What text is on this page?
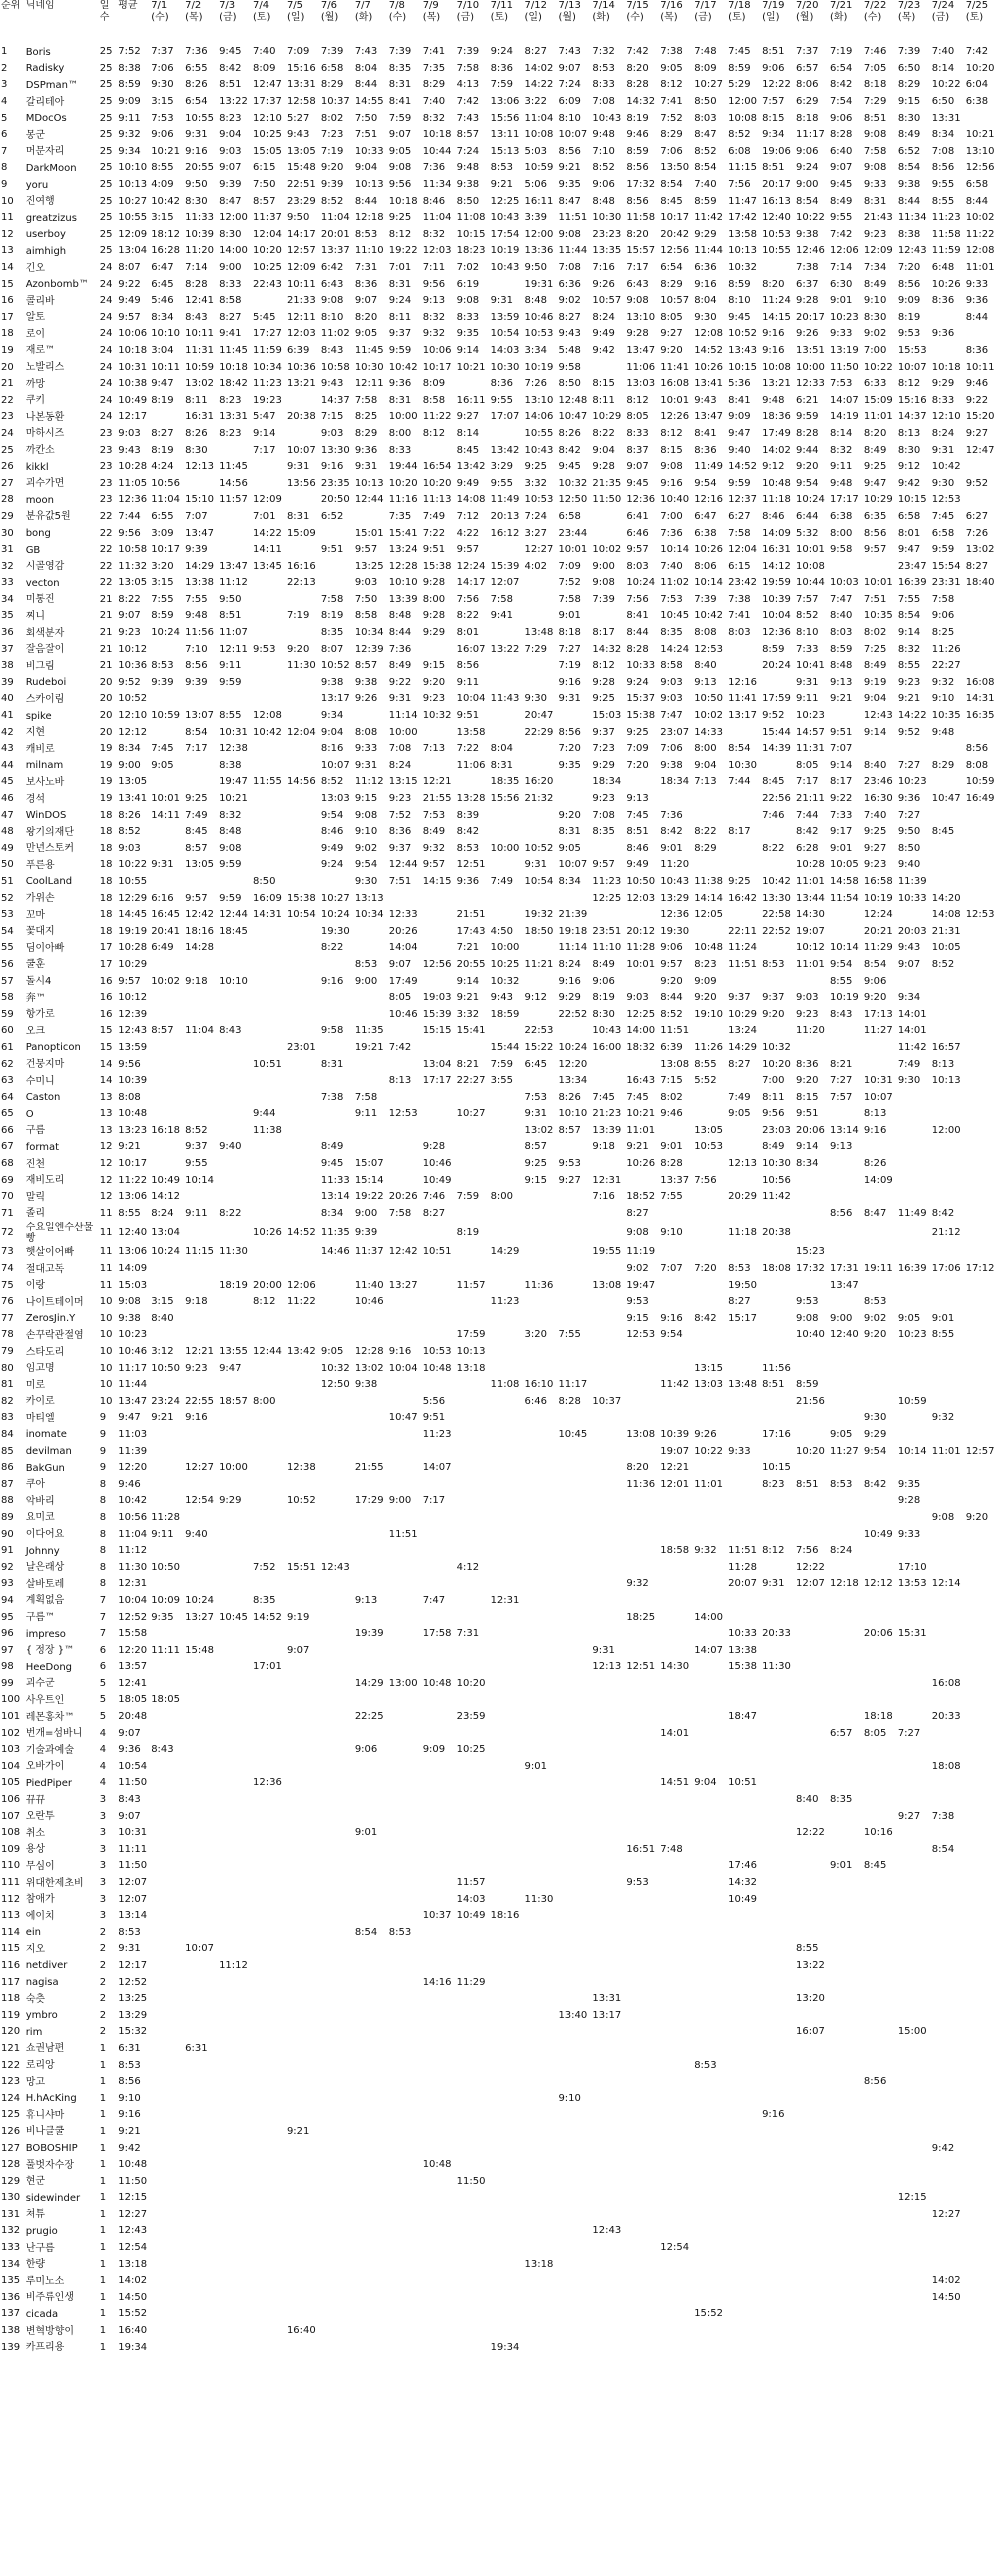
순위	닉네임	일수	평균	7/1 (수)	7/2 (목)	7/3 (금)	7/4 (토)	7/5 (일)	7/6 (월)	7/7 (화)	7/8 (수)	7/9 (목)	7/10 (금)	7/11 (토)	7/12 (일)	7/13 (월)	7/14 (화)	7/15 (수)	7/16 (목)	7/17 (금)	7/18 (토)	7/19 (일)	7/20 (월)	7/21 (화)	7/22 (수)	7/23 (목)	7/24 (금)	7/25 (토)
1	Boris	25	7:52	7:37	7:36	9:45	7:40	7:09	7:39	7:43	7:39	7:41	7:39	9:24	8:27	7:43	7:32	7:42	7:38	7:48	7:45	8:51	7:37	7:19	7:46	7:39	7:40	7:42
2	Radisky	25	8:38	7:06	6:55	8:42	8:09	15:16	6:58	8:04	8:35	7:35	7:58	8:36	14:02	9:07	8:53	8:20	9:05	8:09	8:59	9:06	6:57	6:54	7:05	6:50	8:14	10:20
3	DSPman™	25	8:59	9:30	8:26	8:51	12:47	13:31	8:29	8:44	8:31	8:29	4:13	7:59	14:22	7:24	8:33	8:28	8:12	10:27	5:29	12:22	8:06	8:42	8:18	8:29	10:22	6:04
4	갈리테아	25	9:09	3:15	6:54	13:22	17:37	12:58	10:37	14:55	8:41	7:40	7:42	13:06	3:22	6:09	7:08	14:32	7:41	8:50	12:00	7:57	6:29	7:54	7:29	9:15	6:50	6:38
5	MDocOs	25	9:11	7:53	10:55	8:23	12:10	5:27	8:02	7:50	7:59	8:32	7:43	15:56	11:04	8:10	10:43	8:19	7:52	8:03	10:08	8:15	8:18	9:06	8:51	8:30	13:31	
6	몽군	25	9:32	9:06	9:31	9:04	10:25	9:43	7:23	7:51	9:07	10:18	8:57	13:11	10:08	10:07	9:48	9:46	8:29	8:47	8:52	9:34	11:17	8:28	9:08	8:49	8:34	10:21
7	머문자리	25	9:34	10:21	9:16	9:03	15:05	13:05	7:19	10:33	9:05	10:44	7:24	15:13	5:03	8:56	7:10	8:59	7:06	8:52	6:08	19:06	9:06	6:40	7:58	6:52	7:08	13:10
8	DarkMoon	25	10:10	8:55	20:55	9:07	6:15	15:48	9:20	9:04	9:08	7:36	9:48	8:53	10:59	9:21	8:52	8:56	13:50	8:54	11:15	8:51	9:24	9:07	9:08	8:54	8:56	12:56
9	yoru	25	10:13	4:09	9:50	9:39	7:50	22:51	9:39	10:13	9:56	11:34	9:38	9:21	5:06	9:35	9:06	17:32	8:54	7:40	7:56	20:17	9:00	9:45	9:33	9:38	9:55	6:58
10	진여행	25	10:27	10:42	8:30	8:47	8:57	23:29	8:52	8:44	10:18	8:46	8:50	12:25	16:11	8:47	8:48	8:56	8:45	8:59	11:47	16:13	8:54	8:49	8:31	8:44	8:55	8:44
11	greatzizus	25	10:55	3:15	11:33	12:00	11:37	9:50	11:04	12:18	9:25	11:04	11:08	10:43	3:39	11:51	10:30	11:58	10:17	11:42	17:42	12:40	10:22	9:55	21:43	11:34	11:23	10:02
12	userboy	25	12:09	18:12	10:39	8:30	12:04	14:17	20:01	8:53	8:12	8:32	10:15	17:54	12:00	9:08	23:23	8:20	20:42	9:29	13:58	10:53	9:38	7:42	9:23	8:38	11:58	11:22
13	aimhigh	25	13:04	16:28	11:20	14:00	10:20	12:57	13:37	11:10	19:22	12:03	18:23	10:19	13:36	11:44	13:35	15:57	12:56	11:44	10:13	10:55	12:46	12:06	12:09	12:43	11:59	12:08
14	긴오	24	8:07	6:47	7:14	9:00	10:25	12:09	6:42	7:31	7:01	7:11	7:02	10:43	9:50	7:08	7:16	7:17	6:54	6:36	10:32		7:38	7:14	7:34	7:20	6:48	11:01
15	Azonbomb™	24	9:22	6:45	8:28	8:33	22:43	10:11	6:43	8:36	8:31	9:56	6:19		19:31	6:36	9:26	6:43	8:29	9:16	8:59	8:20	6:37	6:30	8:49	8:56	10:26	9:33
16	콜리바	24	9:49	5:46	12:41	8:58		21:33	9:08	9:07	9:24	9:13	9:08	9:31	8:48	9:02	10:57	9:08	10:57	8:04	8:10	11:24	9:28	9:01	9:10	9:09	8:36	9:36
17	알토	24	9:57	8:34	8:43	8:27	5:45	12:11	8:10	8:20	8:11	8:32	8:33	13:59	10:46	8:27	8:24	13:10	8:05	9:30	9:45	14:15	20:17	10:23	8:30	8:19		8:44
18	로이	24	10:06	10:10	10:11	9:41	17:27	12:03	11:02	9:05	9:37	9:32	9:35	10:54	10:53	9:43	9:49	9:28	9:27	12:08	10:52	9:16	9:26	9:33	9:02	9:53	9:36	
19	재로™	24	10:18	3:04	11:31	11:45	11:59	6:39	8:43	11:45	9:59	10:06	9:14	14:03	3:34	5:48	9:42	13:47	9:20	14:52	13:43	9:16	13:51	13:19	7:00	15:53		8:36
20	노발리스	24	10:31	10:11	10:59	10:18	10:34	10:36	10:58	10:30	10:42	10:17	10:21	10:30	10:19	9:58		11:06	11:41	10:26	10:15	10:08	10:00	11:50	10:22	10:07	10:18	10:11
21	까망	24	10:38	9:47	13:02	18:42	11:23	13:21	9:43	12:11	9:36	8:09		8:36	7:26	8:50	8:15	13:03	16:08	13:41	5:36	13:21	12:33	7:53	6:33	8:12	9:29	9:46
22	쿠키	24	10:49	8:19	8:11	8:23	19:23		14:37	7:58	8:31	8:58	16:11	9:55	13:10	12:48	8:11	8:12	10:01	9:43	8:41	9:48	6:21	14:07	15:09	15:16	8:33	9:22
23	나본동환	24	12:17		16:31	13:31	5:47	20:38	7:15	8:25	10:00	11:22	9:27	17:07	14:06	10:47	10:29	8:05	12:26	13:47	9:09	18:36	9:59	14:19	11:01	14:37	12:10	15:20
24	마하시즈	23	9:03	8:27	8:26	8:23	9:14		9:03	8:29	8:00	8:12	8:14		10:55	8:26	8:22	8:33	8:12	8:41	9:47	17:49	8:28	8:14	8:20	8:13	8:24	9:27
25	까칸소	23	9:43	8:19	8:30		7:17	10:07	13:30	9:36	8:33		8:45	13:42	10:43	8:42	9:04	8:37	8:15	8:36	9:40	14:02	9:44	8:32	8:49	8:30	9:31	12:47
26	kikkl	23	10:28	4:24	12:13	11:45		9:31	9:16	9:31	19:44	16:54	13:42	3:29	9:25	9:45	9:28	9:07	9:08	11:49	14:52	9:12	9:20	9:11	9:25	9:12	10:42	
27	괴수가면	23	11:05	10:56		14:56		13:56	23:35	10:13	10:20	10:20	9:49	9:55	3:32	10:32	21:35	9:45	9:16	9:54	9:59	10:48	9:54	9:48	9:47	9:42	9:30	9:52
28	moon	23	12:36	11:04	15:10	11:57	12:09		20:50	12:44	11:16	11:13	14:08	11:49	10:53	12:50	11:50	12:36	10:40	12:16	12:37	11:18	10:24	17:17	10:29	10:15	12:53	
29	분유값5원	22	7:44	6:55	7:07		7:01	8:31	6:52		7:35	7:49	7:12	20:13	7:24	6:58		6:41	7:00	6:47	6:27	8:46	6:44	6:38	6:35	6:58	7:45	6:27
30	bong	22	9:56	3:09	13:47		14:22	15:09		15:01	15:41	7:22	4:22	16:12	3:27	23:44		6:46	7:36	6:38	7:58	14:09	5:32	8:00	8:56	8:01	6:58	7:26
31	GB	22	10:58	10:17	9:39		14:11		9:51	9:57	13:24	9:51	9:57		12:27	10:01	10:02	9:57	10:14	10:26	12:04	16:31	10:01	9:58	9:57	9:47	9:59	13:02
32	시골영감	22	11:32	3:20	14:29	13:47	13:45	16:16		13:25	12:28	15:38	12:24	15:39	4:02	7:09	9:00	8:03	7:40	8:06	6:15	14:12	10:08			23:47	15:54	8:27
33	vecton	22	13:05	3:15	13:38	11:12		22:13		9:03	10:10	9:28	14:17	12:07		7:52	9:08	10:24	11:02	10:14	23:42	19:59	10:44	10:03	10:01	16:39	23:31	18:40
34	미통진	21	8:22	7:55	7:55	9:50			7:58	7:50	13:39	8:00	7:56	7:58		7:58	7:39	7:56	7:53	7:39	7:38	10:39	7:57	7:47	7:51	7:55	7:58	
35	찌니	21	9:07	8:59	9:48	8:51		7:19	8:19	8:58	8:48	9:28	8:22	9:41		9:01		8:41	10:45	10:42	7:41	10:04	8:52	8:40	10:35	8:54	9:06	
36	회색분자	21	9:23	10:24	11:56	11:07			8:35	10:34	8:44	9:29	8:01		13:48	8:18	8:17	8:44	8:35	8:08	8:03	12:36	8:10	8:03	8:02	9:14	8:25	
37	잘음잘이	21	10:12		7:10	12:11	9:53	9:20	8:07	12:39	7:36		16:07	13:22	7:29	7:27	14:32	8:28	14:24	12:53		8:59	7:33	8:59	7:25	8:32	11:26	
38	비그림	21	10:36	8:53	8:56	9:11		11:30	10:52	8:57	8:49	9:15	8:56			7:19	8:12	10:33	8:58	8:40		20:24	10:41	8:48	8:49	8:55	22:27	
39	Rudeboi	20	9:52	9:39	9:39	9:59			9:38	9:38	9:22	9:20	9:11			9:16	9:28	9:24	9:03	9:13	12:16		9:31	9:13	9:19	9:23	9:32	16:08
40	스카이림	20	10:52						13:17	9:26	9:31	9:23	10:04	11:43	9:30	9:31	9:25	15:37	9:03	10:50	11:41	17:59	9:11	9:21	9:04	9:21	9:10	14:31
41	spike	20	12:10	10:59	13:07	8:55	12:08		9:34		11:14	10:32	9:51		20:47		15:03	15:38	7:47	10:02	13:17	9:52	10:23		12:43	14:22	10:35	16:35
42	지현	20	12:12		8:54	10:31	10:42	12:04	9:04	8:08	10:00		13:58		22:29	8:56	9:37	9:25	23:07	14:33		15:44	14:57	9:51	9:14	9:52	9:48	
43	캐비로	19	8:34	7:45	7:17	12:38			8:16	9:33	7:08	7:13	7:22	8:04		7:20	7:23	7:09	7:06	8:00	8:54	14:39	11:31	7:07				8:56
44	milnam	19	9:00	9:05		8:38			10:07	9:31	8:24		11:06	8:31		9:35	9:29	7:20	9:38	9:04	10:30		8:05	9:14	8:40	7:27	8:29	8:08
45	보사노바	19	13:05			19:47	11:55	14:56	8:52	11:12	13:15	12:21		18:35	16:20		18:34		18:34	7:13	7:44	8:45	7:17	8:17	23:46	10:23		10:59
46	경석	19	13:41	10:01	9:25	10:21			13:03	9:15	9:23	21:55	13:28	15:56	21:32		9:23	9:13				22:56	21:11	9:22	16:30	9:36	10:47	16:49
47	WinDOS	18	8:26	14:11	7:49	8:32			9:54	9:08	7:52	7:53	8:39			9:20	7:08	7:45	7:36			7:46	7:44	7:33	7:40	7:27		
48	왕기의재단	18	8:52		8:45	8:48			8:46	9:10	8:36	8:49	8:42			8:31	8:35	8:51	8:42	8:22	8:17		8:42	9:17	9:25	9:50	8:45	
49	만년스토커	18	9:03		8:57	9:08			9:49	9:02	9:37	9:32	8:53	10:00	10:52	9:05		8:46	9:01	8:29		8:22	6:28	9:01	9:27	8:50		
50	푸른용	18	10:22	9:31	13:05	9:59			9:24	9:54	12:44	9:57	12:51		9:31	10:07	9:57	9:49	11:20				10:28	10:05	9:23	9:40		
51	CoolLand	18	10:55				8:50			9:30	7:51	14:15	9:36	7:49	10:54	8:34	11:23	10:50	10:43	11:38	9:25	10:42	11:01	14:58	16:58	11:39		
52	가위손	18	12:29	6:16	9:57	9:59	16:09	15:38	10:27	13:13							12:25	12:03	13:29	14:14	16:42	13:30	13:44	11:54	10:19	10:33	14:20	
53	꼬마	18	14:45	16:45	12:42	12:44	14:31	10:54	10:24	10:34	12:33		21:51		19:32	21:39			12:36	12:05		22:58	14:30		12:24		14:08	12:53
54	꽃대지	18	19:19	20:41	18:16	18:45			19:30		20:26		17:43	4:50	18:50	19:18	23:51	20:12	19:30		22:11	22:52	19:07		20:21	20:03	21:31	
55	딤이아빠	17	10:28	6:49	14:28				8:22		14:04		7:21	10:00		11:14	11:10	11:28	9:06	10:48	11:24		10:12	10:14	11:29	9:43	10:05	
56	쿨훈	17	10:29							8:53	9:07	12:56	20:55	10:25	11:21	8:24	8:49	10:01	9:57	8:23	11:51	8:53	11:01	9:54	8:54	9:07	8:52	
57	돌시4	16	9:57	10:02	9:18	10:10			9:16	9:00	17:49		9:14	10:32		9:16	9:06		9:20	9:09				8:55	9:06			
58	奔™	16	10:12								8:05	19:03	9:21	9:43	9:12	9:29	8:19	9:03	8:44	9:20	9:37	9:37	9:03	10:19	9:20	9:34		
59	항가로	16	12:39								10:46	15:39	3:32	18:59		22:52	8:30	12:25	8:52	19:10	10:29	9:20	9:23	8:43	17:13	14:01		
60	오크	15	12:43	8:57	11:04	8:43			9:58	11:35		15:15	15:41		22:53		10:43	14:00	11:51		13:24		11:20		11:27	14:01		
61	Panopticon	15	13:59					23:01		19:21	7:42			15:44	15:22	10:24	16:00	18:32	6:39	11:26	14:29	10:32				11:42	16:57	
62	건뭉지마	14	9:56				10:51		8:31			13:04	8:21	7:59	6:45	12:20			13:08	8:55	8:27	10:20	8:36	8:21		7:49	8:13	
63	수미니	14	10:39								8:13	17:17	22:27	3:55		13:34		16:43	7:15	5:52		7:00	9:20	7:27	10:31	9:30	10:13	
64	Caston	13	8:08						7:38	7:58					7:53	8:26	7:45	7:45	8:02		7:49	8:11	8:15	7:57	10:07			
65	O	13	10:48				9:44			9:11	12:53		10:27		9:31	10:10	21:23	10:21	9:46		9:05	9:56	9:51		8:13			
66	구름	13	13:23	16:18	8:52		11:38								13:02	8:57	13:39	11:01		13:05		23:03	20:06	13:14	9:16		12:00	
67	format	12	9:21		9:37	9:40			8:49			9:28			8:57		9:18	9:21	9:01	10:53		8:49	9:14	9:13				
68	진천	12	10:17		9:55				9:45	15:07		10:46			9:25	9:53		10:26	8:28		12:13	10:30	8:34		8:26			
69	재비도리	12	11:22	10:49	10:14				11:33	15:14		10:49			9:15	9:27	12:31		13:37	7:56		10:56			14:09			
70	말릭	12	13:06	14:12					13:14	19:22	20:26	7:46	7:59	8:00			7:16	18:52	7:55		20:29	11:42						
71	졸리	11	8:55	8:24	9:11	8:22			8:34	9:00	7:58	8:27						8:27						8:56	8:47	11:49	8:42	
72	수요일엔수산물빵	11	12:40	13:04			10:26	14:52	11:35	9:39			8:19					9:08	9:10		11:18	20:38					21:12	
73	햇살이어빠	11	13:06	10:24	11:15	11:30			14:46	11:37	12:42	10:51		14:29			19:55	11:19					15:23					
74	절대고독	11	14:09															9:02	7:07	7:20	8:53	18:08	17:32	17:31	19:11	16:39	17:06	17:12
75	이랑	11	15:03			18:19	20:00	12:06		11:40	13:27		11:57		11:36		13:08	19:47			19:50			13:47				
76	나이트테이머	10	9:08	3:15	9:18		8:12	11:22		10:46				11:23				9:53			8:27		9:53		8:53			
77	ZerosJin.Y	10	9:38	8:40														9:15	9:16	8:42	15:17		9:08	9:00	9:02	9:05	9:01	
78	손꾸락관절염	10	10:23										17:59		3:20	7:55		12:53	9:54				10:40	12:40	9:20	10:23	8:55	
79	스타도리	10	10:46	3:12	12:21	13:55	12:44	13:42	9:05	12:28	9:16	10:53	10:13															
80	임고명	10	11:17	10:50	9:23	9:47			10:32	13:02	10:04	10:48	13:18							13:15		11:56						
81	미로	10	11:44						12:50	9:38				11:08	16:10	11:17			11:42	13:03	13:48	8:51	8:59					
82	카이로	10	13:47	23:24	22:55	18:57	8:00					5:56			6:46	8:28	10:37						21:56			10:59		
83	마티엘	9	9:47	9:21	9:16						10:47	9:51													9:30		9:32	
84	inomate	9	11:03									11:23				10:45		13:08	10:39	9:26		17:16		9:05	9:29			
85	devilman	9	11:39																19:07	10:22	9:33		10:20	11:27	9:54	10:14	11:01	12:57
86	BakGun	9	12:20		12:27	10:00		12:38		21:55		14:07						8:20	12:21			10:15						
87	쿠아	8	9:46															11:36	12:01	11:01		8:23	8:51	8:53	8:42	9:35		
88	악바리	8	10:42		12:54	9:29		10:52		17:29	9:00	7:17														9:28		
89	요미코	8	10:56	11:28																							9:08	9:20
90	이다어요	8	11:04	9:11	9:40						11:51														10:49	9:33		
91	Johnny	8	11:12																18:58	9:32	11:51	8:12	7:56	8:24				
92	날은래상	8	11:30	10:50			7:52	15:51	12:43				4:12								11:28		12:22			17:10		
93	살바토레	8	12:31															9:32			20:07	9:31	12:07	12:18	12:12	13:53	12:14	
94	계획없음	7	10:04	10:09	10:24		8:35			9:13		7:47		12:31														
95	구름™	7	12:52	9:35	13:27	10:45	14:52	9:19										18:25		14:00								
96	impreso	7	15:58							19:39		17:58	7:31								10:33	20:33			20:06	15:31		
97	{ 정장 }™	6	12:20	11:11	15:48			9:07									9:31			14:07	13:38							
98	HeeDong	6	13:57				17:01										12:13	12:51	14:30		15:38	11:30						
99	괴수군	5	12:41							14:29	13:00	10:48	10:20														16:08	
100	사우트인	5	18:05	18:05																								
101	레몬홍차™	5	20:48							22:25			23:59								18:47				18:18		20:33	
102	번개=섬바니	4	9:07																14:01					6:57	8:05	7:27		
103	기술과예술	4	9:36	8:43						9:06		9:09	10:25															
104	오바가이	4	10:54												9:01												18:08	
105	PiedPiper	4	11:50				12:36												14:51	9:04	10:51							
106	뀨뀨	3	8:43																				8:40	8:35				
107	오란투	3	9:07																							9:27	7:38	
108	취소	3	10:31							9:01													12:22		10:16			
109	용상	3	11:11															16:51	7:48								8:54	
110	무심이	3	11:50																		17:46			9:01	8:45			
111	위대한제초비	3	12:07										11:57					9:53			14:32							
112	참애가	3	12:07										14:03		11:30						10:49							
113	에이치	3	13:14									10:37	10:49	18:16														
114	ein	2	8:53							8:54	8:53																	
115	지오	2	9:31		10:07																		8:55					
116	netdiver	2	12:17			11:12																	13:22					
117	nagisa	2	12:52									14:16	11:29															
118	숙츳	2	13:25														13:31						13:20					
119	ymbro	2	13:29													13:40	13:17											
120	rim	2	15:32																				16:07			15:00		
121	쇼권남편	1	6:31		6:31																							
122	로리앙	1	8:53																	8:53								
123	망고	1	8:56																						8:56			
124	H.hAcKing	1	9:10													9:10												
125	휴니샤마	1	9:16																			9:16						
126	비나클쿨	1	9:21					9:21																				
127	BOBOSHIP	1	9:42																								9:42	
128	풀벗자수장	1	10:48									10:48																
129	현군	1	11:50										11:50															
130	sidewinder	1	12:15																							12:15		
131	쳐튜	1	12:27																								12:27	
132	prugio	1	12:43														12:43											
133	난구름	1	12:54																12:54									
134	한량	1	13:18												13:18													
135	루미노소	1	14:02																								14:02	
136	비주류인생	1	14:50																								14:50	
137	cicada	1	15:52																	15:52								
138	변혁방향이	1	16:40					16:40																				
139	카프리용	1	19:34											19:34														
